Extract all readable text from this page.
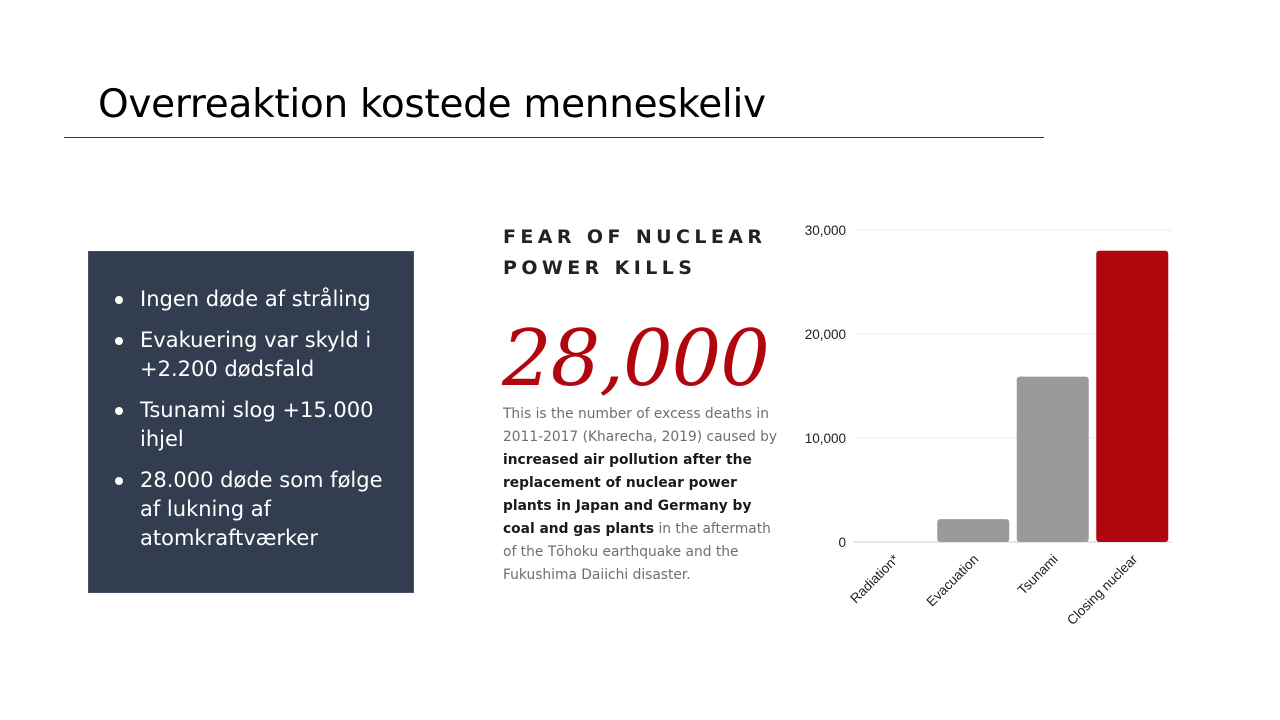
Overreaktion kostede menneskeliv
Ingen døde af stråling
Evakuering var skyld i +2.200 dødsfald
Tsunami slog +15.000 ihjel
28.000 døde som følge af lukning af atomkraftværker
FEAR OF NUCLEAR POWER KILLS
28,000
This is the number of excess deaths in 2011-2017 (Kharecha, 2019) caused by increased air pollution after the replacement of nuclear power plants in Japan and Germany by coal and gas plants in the aftermath of the Tōhoku earthquake and the Fukushima Daiichi disaster.
0
10,000
20,000
30,000
Radiation* Evacuation Tsunami Closing nuclear
